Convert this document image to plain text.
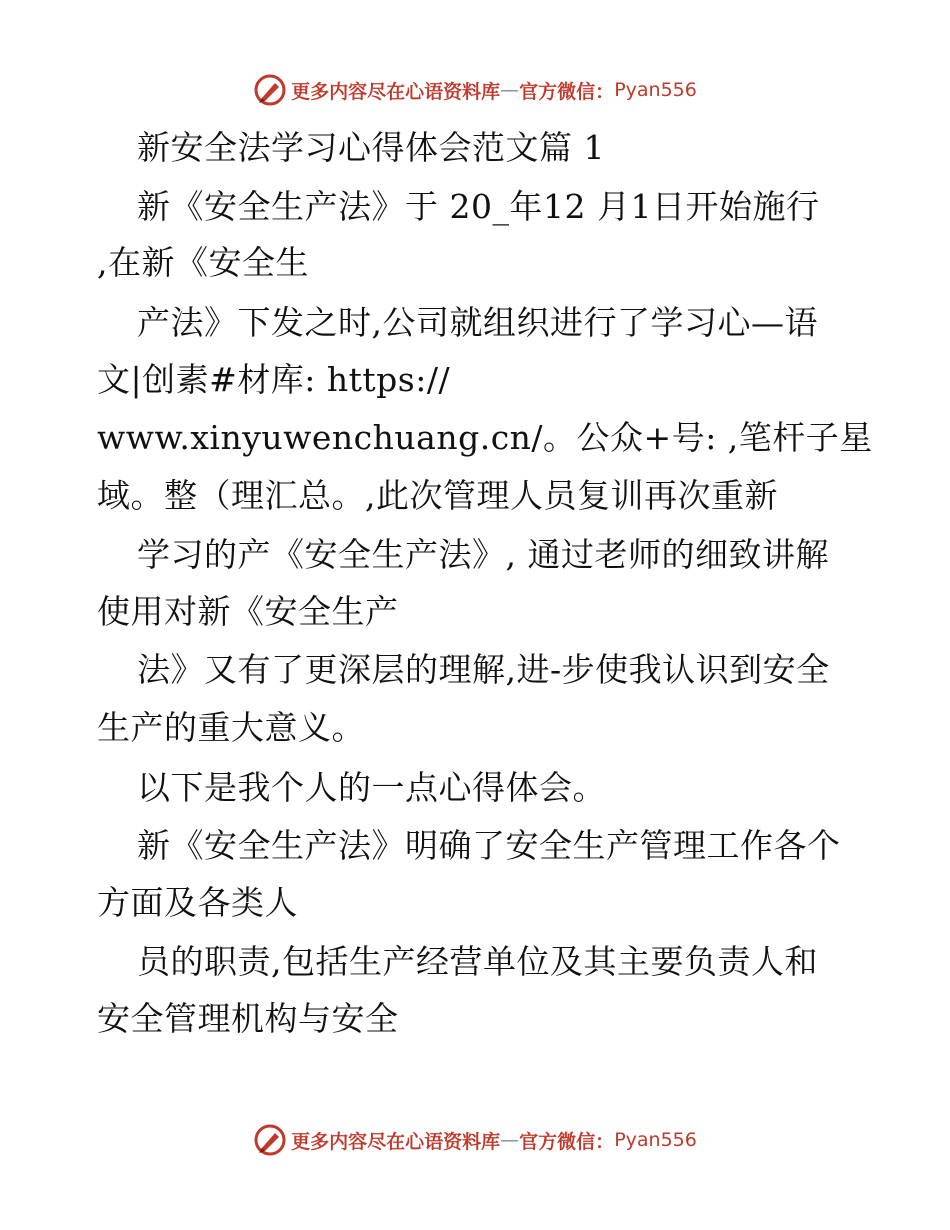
更多内容尽在心语资料库 — 官方微信： Pyan556
新安全法学习心得体会范文篇 1
新《安全生产法》于 20_年12 月1日开始施行
,在新《安全生
产法》下发之时,公司就组织进行了学习心—语
文|创素#材库: https://
www.xinyuwenchuang.cn/。公众+号: ,笔杆子星
域。整（理汇总。,此次管理人员复训再次重新
学习的产《安全生产法》, 通过老师的细致讲解
使用对新《安全生产
法》又有了更深层的理解,进-步使我认识到安全
生产的重大意义。
以下是我个人的一点心得体会。
新《安全生产法》明确了安全生产管理工作各个
方面及各类人
员的职责,包括生产经营单位及其主要负责人和
安全管理机构与安全
更多内容尽在心语资料库 — 官方微信： Pyan556
